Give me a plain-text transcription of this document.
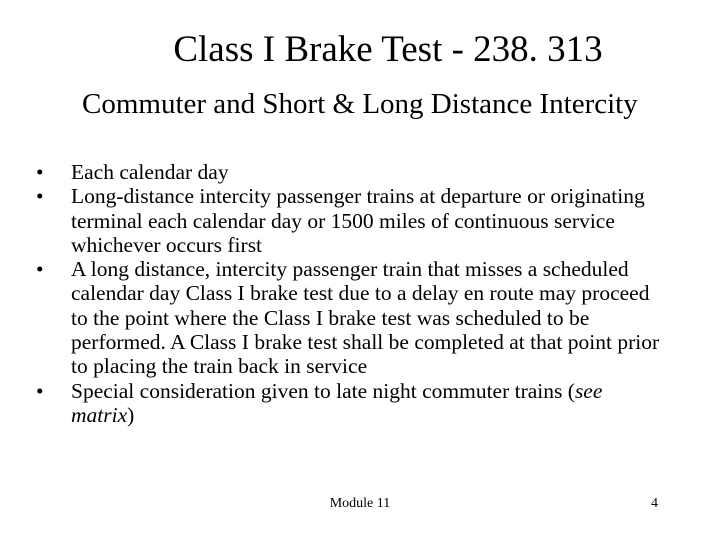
Class I Brake Test - 238. 313
Commuter and Short & Long Distance Intercity
•	Each calendar day
•	Long-distance intercity passenger trains at departure or originating terminal each calendar day or 1500 miles of continuous service whichever occurs first
•	A long distance, intercity passenger train that misses a scheduled calendar day Class I brake test due to a delay en route may proceed to the point where the Class I brake test was scheduled to be performed. A Class I brake test shall be completed at that point prior to placing the train back in service
•	Special consideration given to late night commuter trains (see matrix)
Module 11	4
